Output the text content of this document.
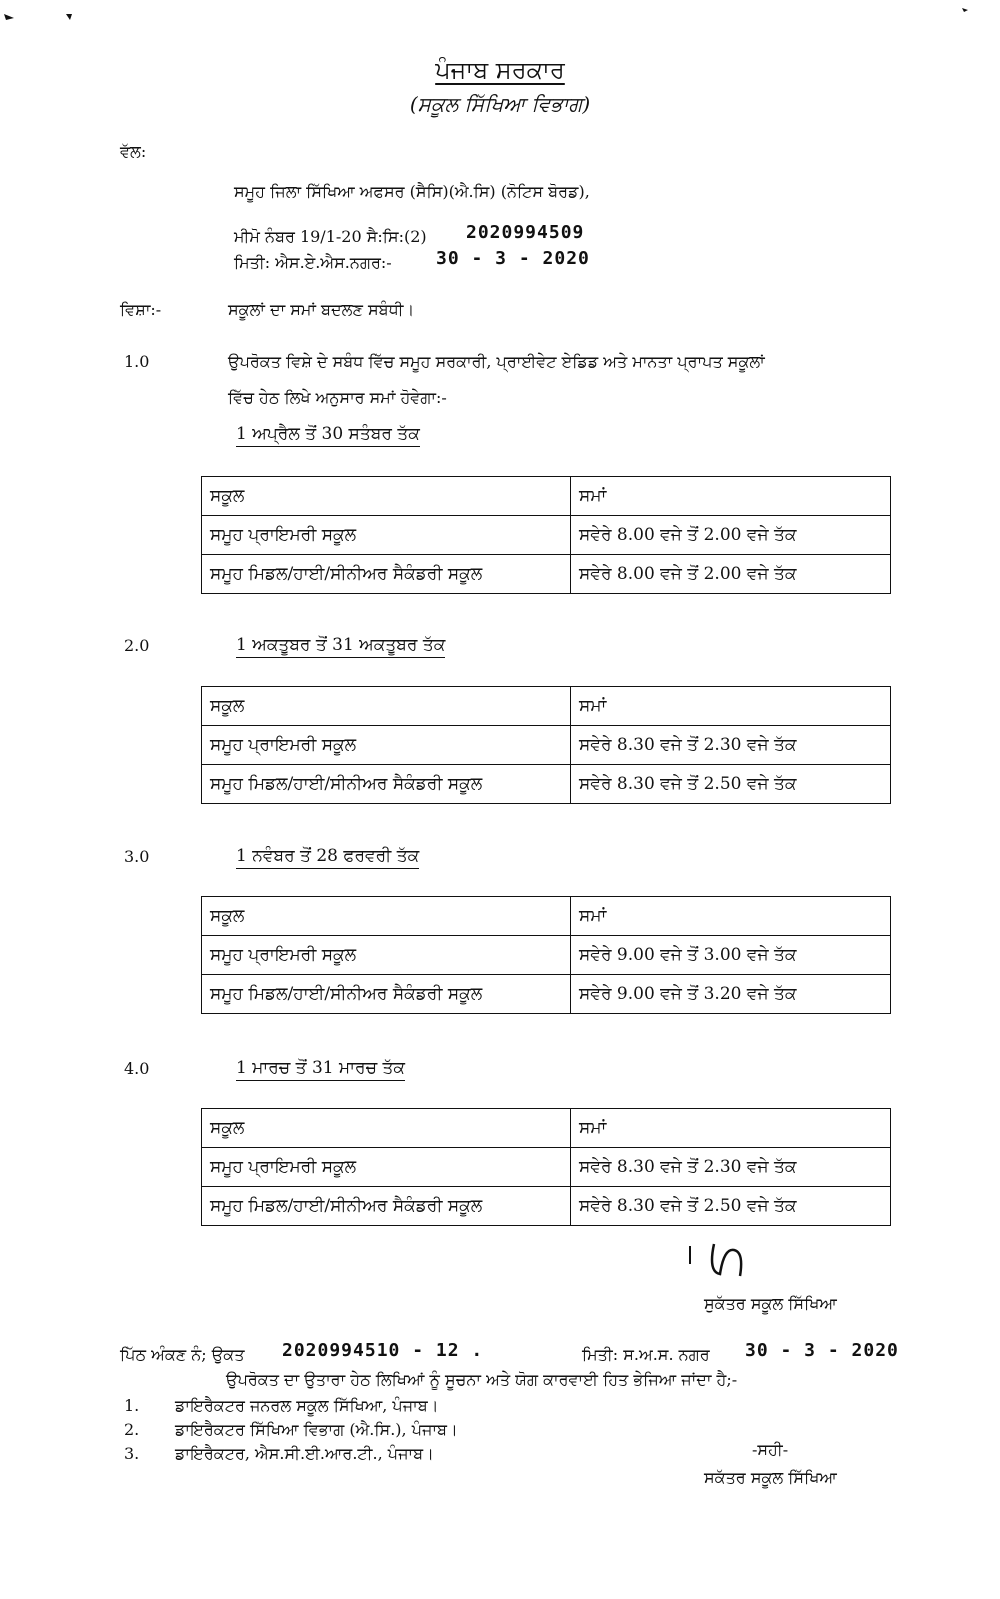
ਪੰਜਾਬ ਸਰਕਾਰ
(ਸਕੂਲ ਸਿੱਖਿਆ ਵਿਭਾਗ)
ਵੱਲ:
ਸਮੂਹ ਜਿਲਾ ਸਿੱਖਿਆ ਅਫਸਰ (ਸੈਸਿ)(ਐ.ਸਿ) (ਨੋਟਿਸ ਬੋਰਡ),
ਮੀਮੋ ਨੰਬਰ 19/1-20 ਸੈ:ਸਿ:(2) 2020994509
ਮਿਤੀ: ਐਸ.ਏ.ਐਸ.ਨਗਰ:- 30 - 3 - 2020
ਵਿਸ਼ਾ:-	ਸਕੂਲਾਂ ਦਾ ਸਮਾਂ ਬਦਲਣ ਸਬੰਧੀ।
1.0	ਉਪਰੋਕਤ ਵਿਸ਼ੇ ਦੇ ਸਬੰਧ ਵਿੱਚ ਸਮੂਹ ਸਰਕਾਰੀ, ਪ੍ਰਾਈਵੇਟ ਏਡਿਡ ਅਤੇ ਮਾਨਤਾ ਪ੍ਰਾਪਤ ਸਕੂਲਾਂ
ਵਿੱਚ ਹੇਠ ਲਿਖੇ ਅਨੁਸਾਰ ਸਮਾਂ ਹੋਵੇਗਾ:-
1 ਅਪ੍ਰੈਲ ਤੋਂ 30 ਸਤੰਬਰ ਤੱਕ
ਸਕੂਲ	ਸਮਾਂ
ਸਮੂਹ ਪ੍ਰਾਇਮਰੀ ਸਕੂਲ	ਸਵੇਰੇ 8.00 ਵਜੇ ਤੋਂ 2.00 ਵਜੇ ਤੱਕ
ਸਮੂਹ ਮਿਡਲ/ਹਾਈ/ਸੀਨੀਅਰ ਸੈਕੰਡਰੀ ਸਕੂਲ	ਸਵੇਰੇ 8.00 ਵਜੇ ਤੋਂ 2.00 ਵਜੇ ਤੱਕ
2.0	1 ਅਕਤੂਬਰ ਤੋਂ 31 ਅਕਤੂਬਰ ਤੱਕ
ਸਕੂਲ	ਸਮਾਂ
ਸਮੂਹ ਪ੍ਰਾਇਮਰੀ ਸਕੂਲ	ਸਵੇਰੇ 8.30 ਵਜੇ ਤੋਂ 2.30 ਵਜੇ ਤੱਕ
ਸਮੂਹ ਮਿਡਲ/ਹਾਈ/ਸੀਨੀਅਰ ਸੈਕੰਡਰੀ ਸਕੂਲ	ਸਵੇਰੇ 8.30 ਵਜੇ ਤੋਂ 2.50 ਵਜੇ ਤੱਕ
3.0	1 ਨਵੰਬਰ ਤੋਂ 28 ਫਰਵਰੀ ਤੱਕ
ਸਕੂਲ	ਸਮਾਂ
ਸਮੂਹ ਪ੍ਰਾਇਮਰੀ ਸਕੂਲ	ਸਵੇਰੇ 9.00 ਵਜੇ ਤੋਂ 3.00 ਵਜੇ ਤੱਕ
ਸਮੂਹ ਮਿਡਲ/ਹਾਈ/ਸੀਨੀਅਰ ਸੈਕੰਡਰੀ ਸਕੂਲ	ਸਵੇਰੇ 9.00 ਵਜੇ ਤੋਂ 3.20 ਵਜੇ ਤੱਕ
4.0	1 ਮਾਰਚ ਤੋਂ 31 ਮਾਰਚ ਤੱਕ
ਸਕੂਲ	ਸਮਾਂ
ਸਮੂਹ ਪ੍ਰਾਇਮਰੀ ਸਕੂਲ	ਸਵੇਰੇ 8.30 ਵਜੇ ਤੋਂ 2.30 ਵਜੇ ਤੱਕ
ਸਮੂਹ ਮਿਡਲ/ਹਾਈ/ਸੀਨੀਅਰ ਸੈਕੰਡਰੀ ਸਕੂਲ	ਸਵੇਰੇ 8.30 ਵਜੇ ਤੋਂ 2.50 ਵਜੇ ਤੱਕ
ਸੁਕੱਤਰ ਸਕੂਲ ਸਿੱਖਿਆ
ਪਿੱਠ ਅੰਕਣ ਨੰ; ਉਕਤ 2020994510 - 12 .	ਮਿਤੀ: ਸ.ਅ.ਸ. ਨਗਰ 30 - 3 - 2020
ਉਪਰੋਕਤ ਦਾ ਉਤਾਰਾ ਹੇਠ ਲਿਖਿਆਂ ਨੂੰ ਸੂਚਨਾ ਅਤੇ ਯੋਗ ਕਾਰਵਾਈ ਹਿਤ ਭੇਜਿਆ ਜਾਂਦਾ ਹੈ;-
1. ਡਾਇਰੈਕਟਰ ਜਨਰਲ ਸਕੂਲ ਸਿੱਖਿਆ, ਪੰਜਾਬ।
2. ਡਾਇਰੈਕਟਰ ਸਿੱਖਿਆ ਵਿਭਾਗ (ਐ.ਸਿ.), ਪੰਜਾਬ।
3. ਡਾਇਰੈਕਟਰ, ਐਸ.ਸੀ.ਈ.ਆਰ.ਟੀ., ਪੰਜਾਬ।	-ਸਹੀ-
ਸਕੱਤਰ ਸਕੂਲ ਸਿੱਖਿਆ
